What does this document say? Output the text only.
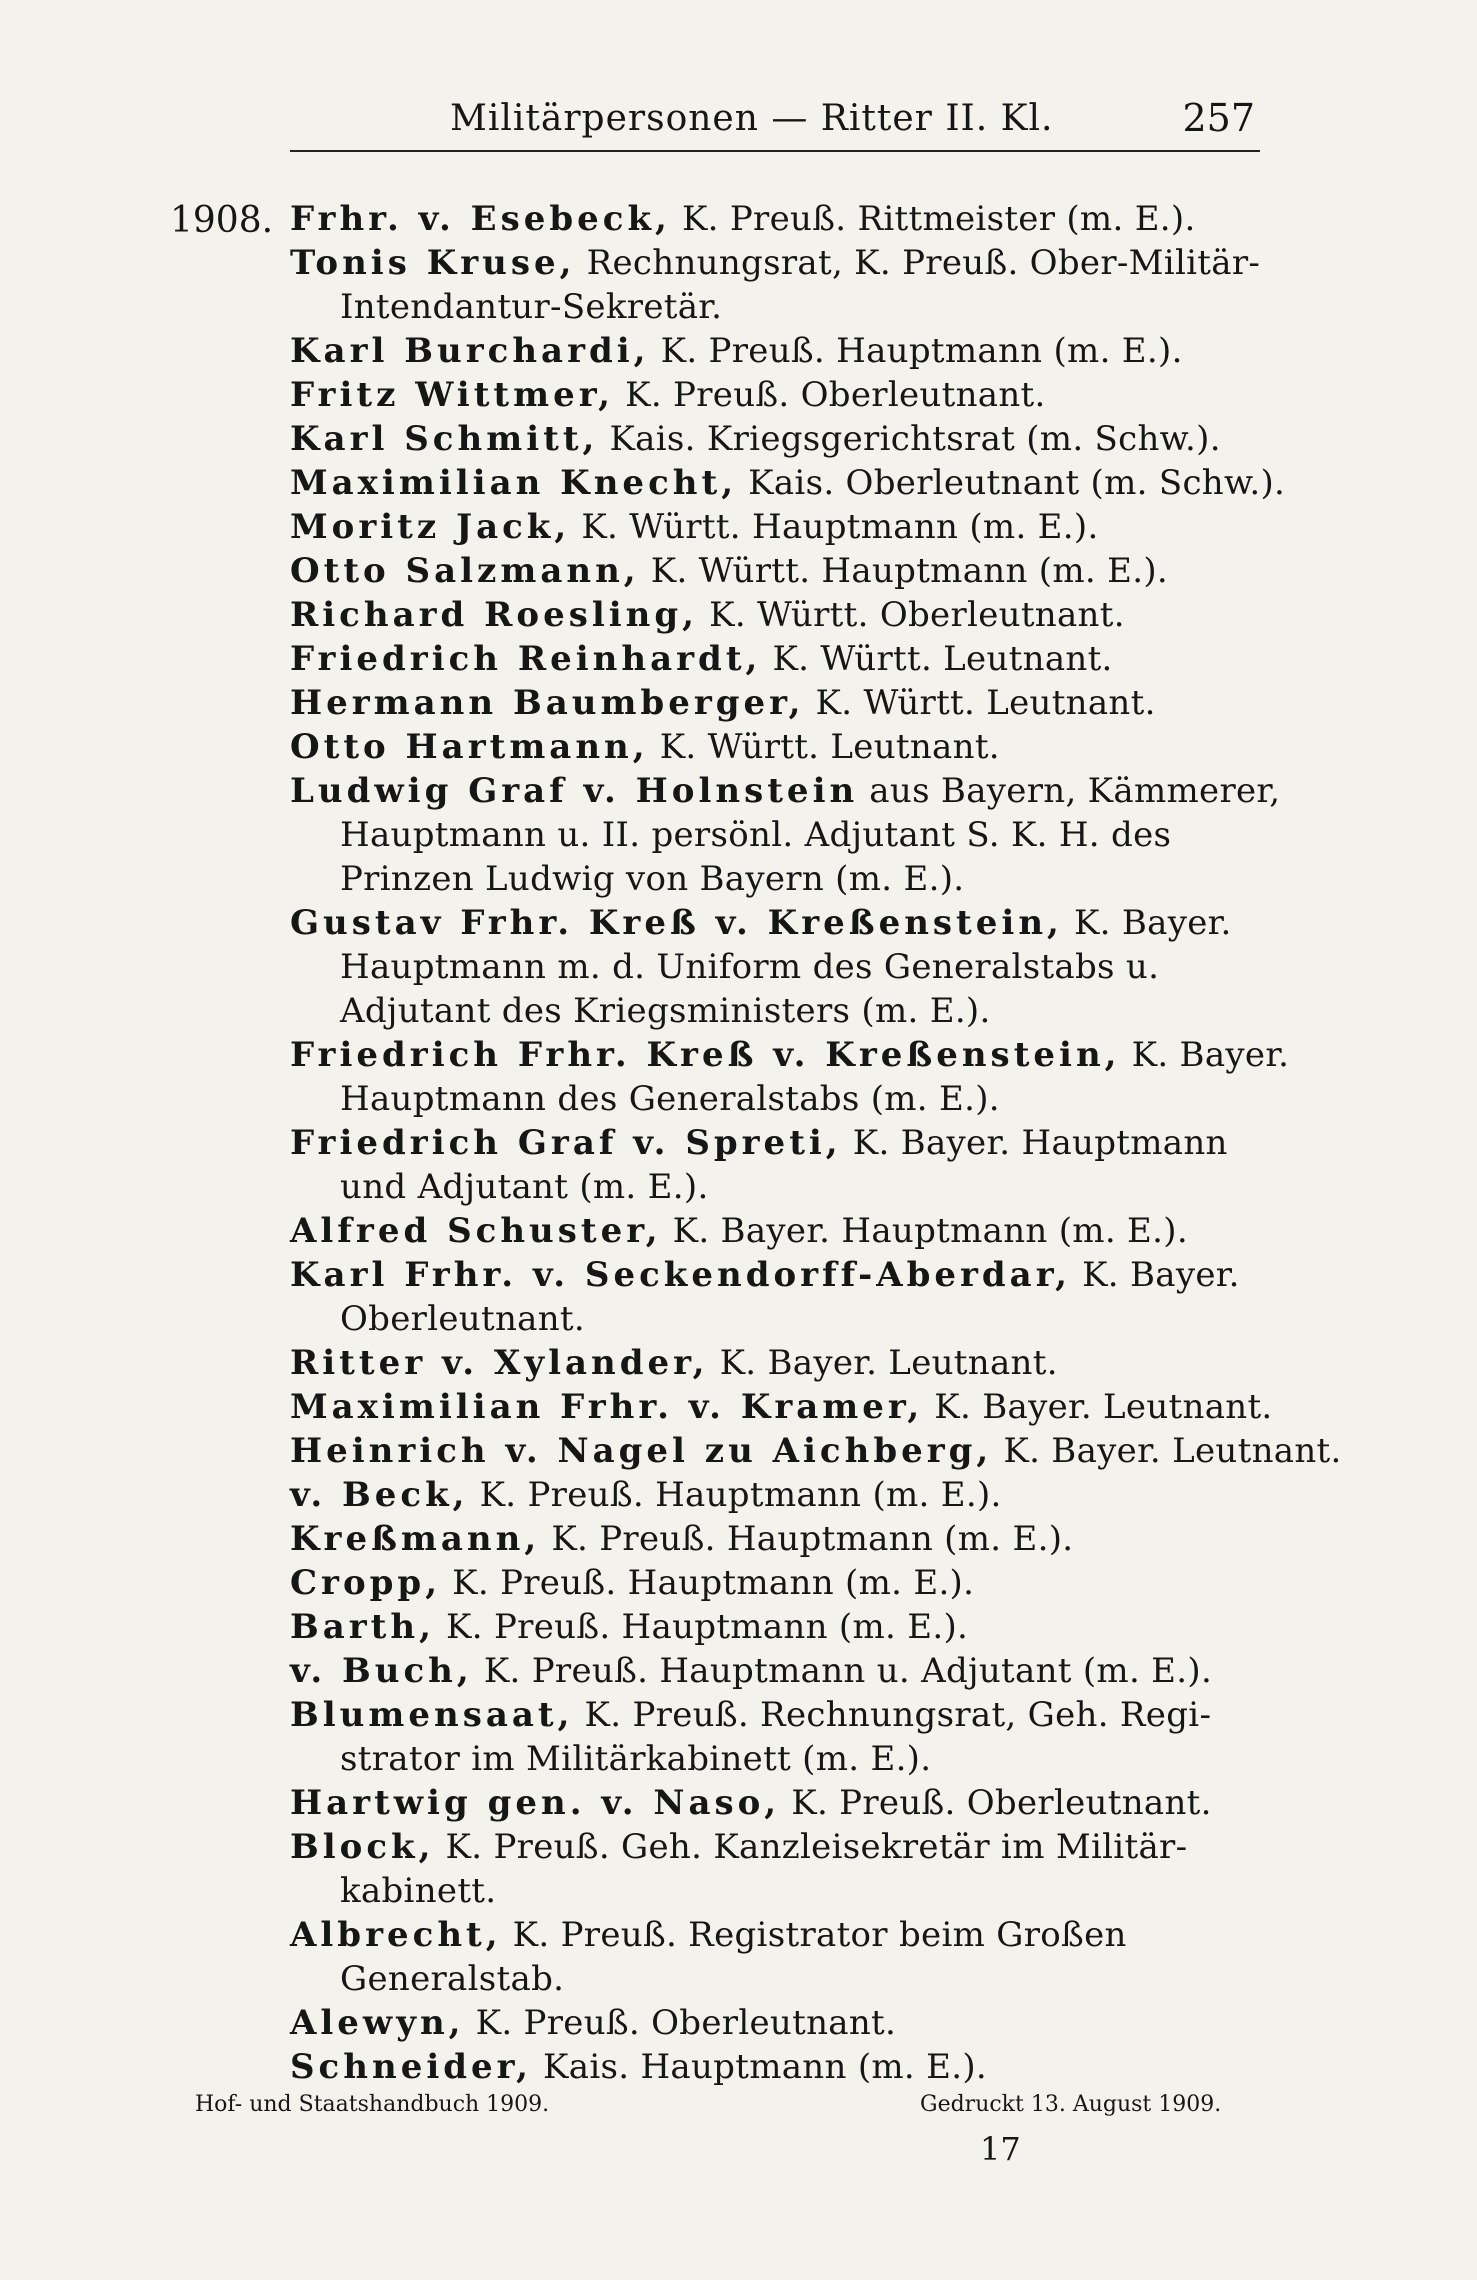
Militärpersonen — Ritter II. Kl.	257
1908. Frhr. v. Esebeck, K. Preuß. Rittmeister (m. E.).
Tonis Kruse, Rechnungsrat, K. Preuß. Ober-Militär-
Intendantur-Sekretär.
Karl Burchardi, K. Preuß. Hauptmann (m. E.).
Fritz Wittmer, K. Preuß. Oberleutnant.
Karl Schmitt, Kais. Kriegsgerichtsrat (m. Schw.).
Maximilian Knecht, Kais. Oberleutnant (m. Schw.).
Moritz Jack, K. Württ. Hauptmann (m. E.).
Otto Salzmann, K. Württ. Hauptmann (m. E.).
Richard Roesling, K. Württ. Oberleutnant.
Friedrich Reinhardt, K. Württ. Leutnant.
Hermann Baumberger, K. Württ. Leutnant.
Otto Hartmann, K. Württ. Leutnant.
Ludwig Graf v. Holnstein aus Bayern, Kämmerer,
Hauptmann u. II. persönl. Adjutant S. K. H. des
Prinzen Ludwig von Bayern (m. E.).
Gustav Frhr. Kreß v. Kreßenstein, K. Bayer.
Hauptmann m. d. Uniform des Generalstabs u.
Adjutant des Kriegsministers (m. E.).
Friedrich Frhr. Kreß v. Kreßenstein, K. Bayer.
Hauptmann des Generalstabs (m. E.).
Friedrich Graf v. Spreti, K. Bayer. Hauptmann
und Adjutant (m. E.).
Alfred Schuster, K. Bayer. Hauptmann (m. E.).
Karl Frhr. v. Seckendorff-Aberdar, K. Bayer.
Oberleutnant.
Ritter v. Xylander, K. Bayer. Leutnant.
Maximilian Frhr. v. Kramer, K. Bayer. Leutnant.
Heinrich v. Nagel zu Aichberg, K. Bayer. Leutnant.
v. Beck, K. Preuß. Hauptmann (m. E.).
Kreßmann, K. Preuß. Hauptmann (m. E.).
Cropp, K. Preuß. Hauptmann (m. E.).
Barth, K. Preuß. Hauptmann (m. E.).
v. Buch, K. Preuß. Hauptmann u. Adjutant (m. E.).
Blumensaat, K. Preuß. Rechnungsrat, Geh. Regi-
strator im Militärkabinett (m. E.).
Hartwig gen. v. Naso, K. Preuß. Oberleutnant.
Block, K. Preuß. Geh. Kanzleisekretär im Militär-
kabinett.
Albrecht, K. Preuß. Registrator beim Großen
Generalstab.
Alewyn, K. Preuß. Oberleutnant.
Schneider, Kais. Hauptmann (m. E.).
Hof- und Staatshandbuch 1909.	Gedruckt 13. August 1909.
17
